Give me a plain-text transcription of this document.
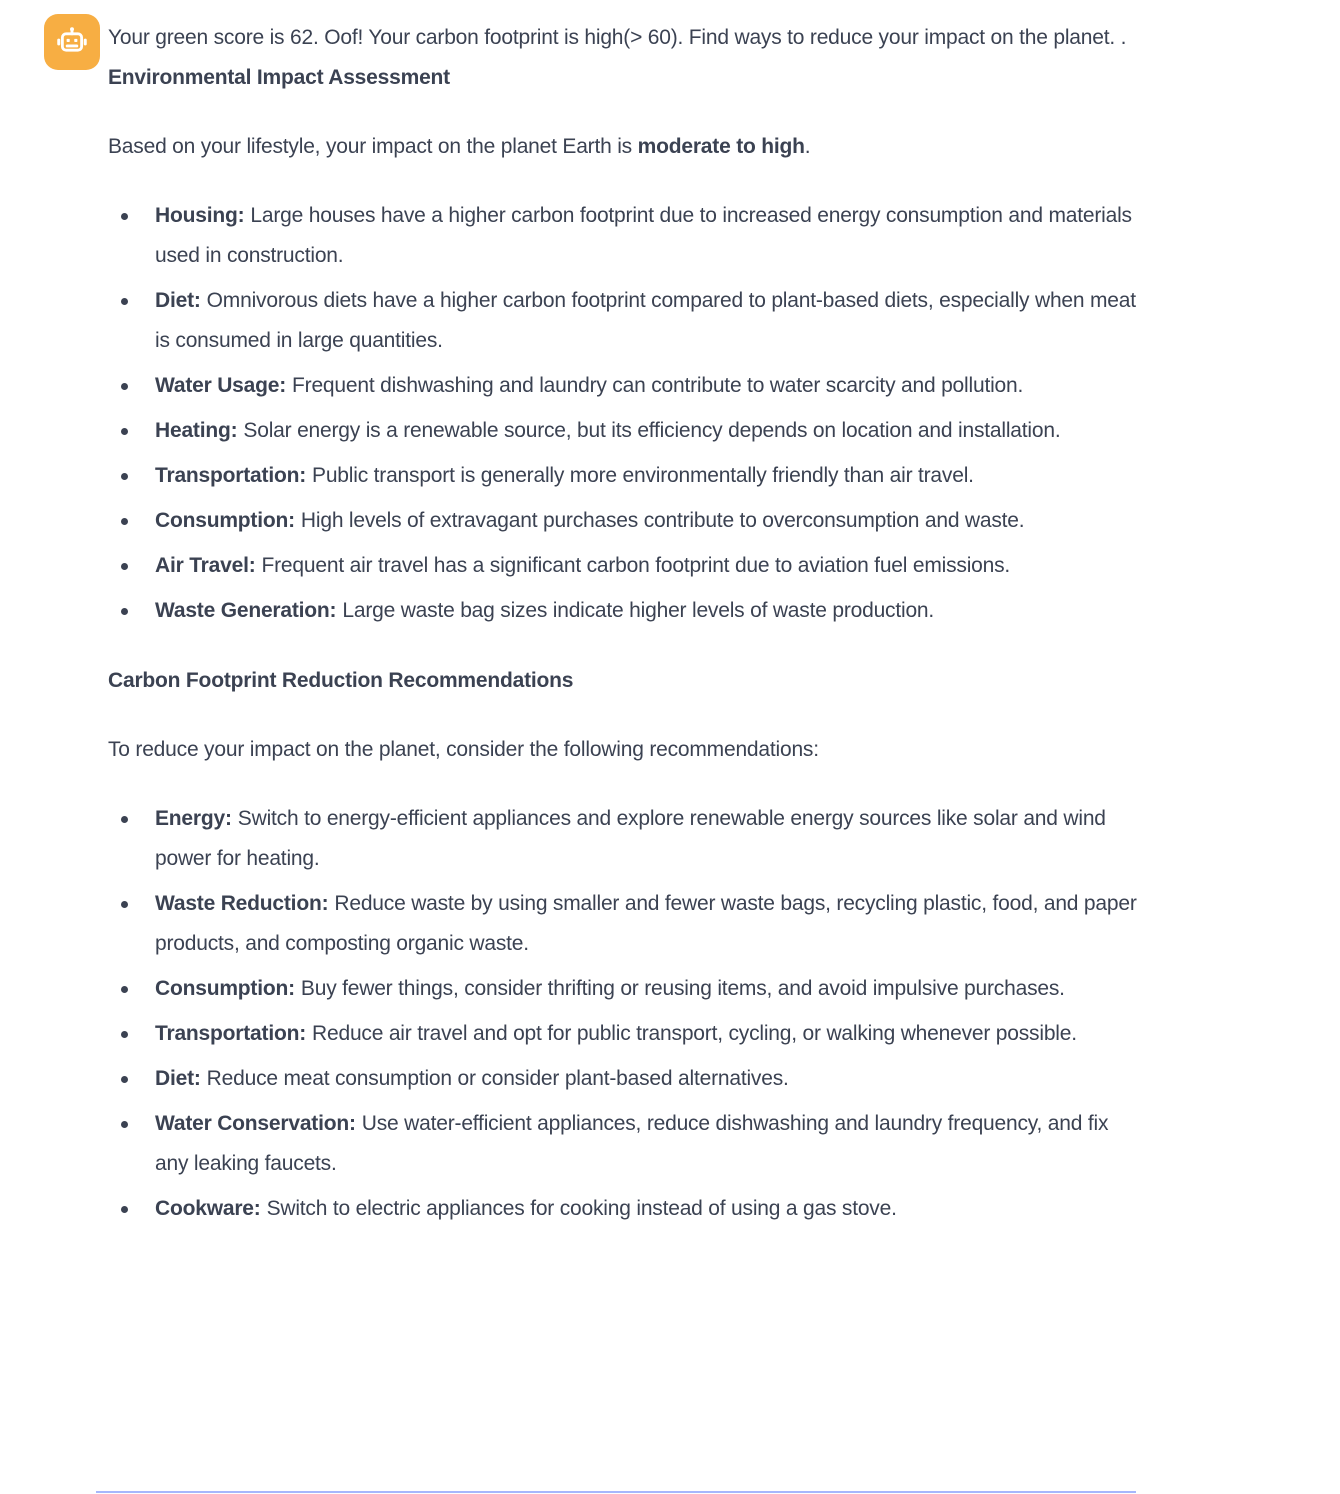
Your green score is 62. Oof! Your carbon footprint is high(> 60). Find ways to reduce your impact on the planet. . Environmental Impact Assessment

Based on your lifestyle, your impact on the planet Earth is moderate to high.

Housing: Large houses have a higher carbon footprint due to increased energy consumption and materials used in construction.
Diet: Omnivorous diets have a higher carbon footprint compared to plant-based diets, especially when meat is consumed in large quantities.
Water Usage: Frequent dishwashing and laundry can contribute to water scarcity and pollution.
Heating: Solar energy is a renewable source, but its efficiency depends on location and installation.
Transportation: Public transport is generally more environmentally friendly than air travel.
Consumption: High levels of extravagant purchases contribute to overconsumption and waste.
Air Travel: Frequent air travel has a significant carbon footprint due to aviation fuel emissions.
Waste Generation: Large waste bag sizes indicate higher levels of waste production.

Carbon Footprint Reduction Recommendations

To reduce your impact on the planet, consider the following recommendations:

Energy: Switch to energy-efficient appliances and explore renewable energy sources like solar and wind power for heating.
Waste Reduction: Reduce waste by using smaller and fewer waste bags, recycling plastic, food, and paper products, and composting organic waste.
Consumption: Buy fewer things, consider thrifting or reusing items, and avoid impulsive purchases.
Transportation: Reduce air travel and opt for public transport, cycling, or walking whenever possible.
Diet: Reduce meat consumption or consider plant-based alternatives.
Water Conservation: Use water-efficient appliances, reduce dishwashing and laundry frequency, and fix any leaking faucets.
Cookware: Switch to electric appliances for cooking instead of using a gas stove.
